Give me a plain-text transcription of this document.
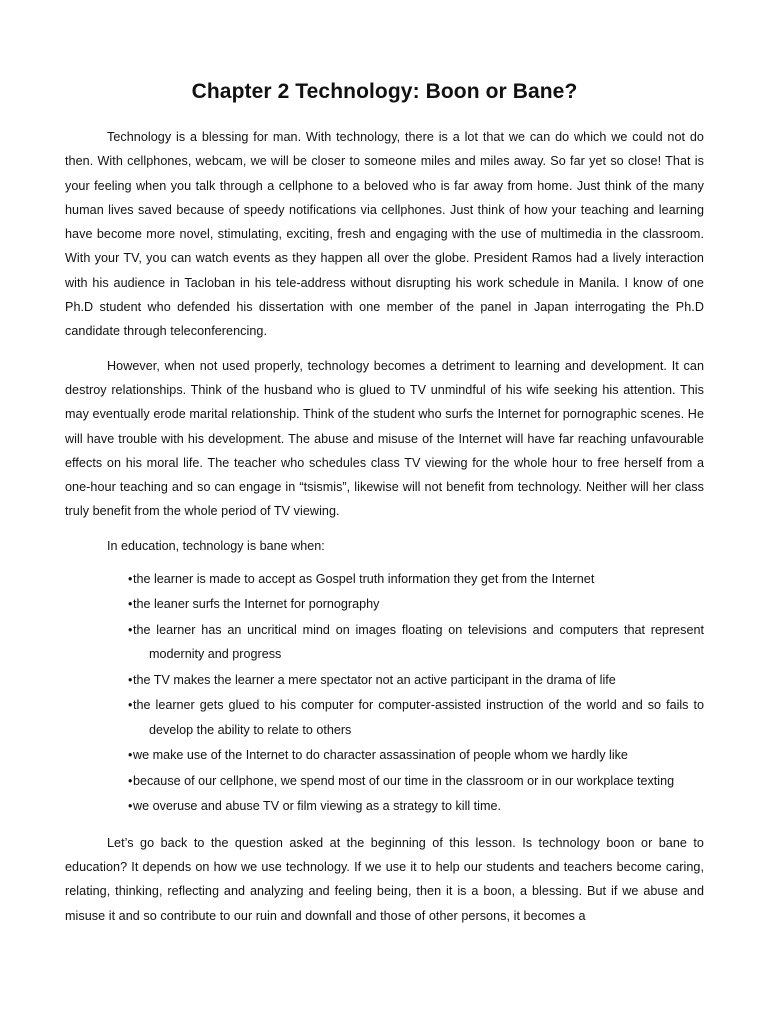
Chapter 2 Technology: Boon or Bane?

Technology is a blessing for man. With technology, there is a lot that we can do which we could not do then. With cellphones, webcam, we will be closer to someone miles and miles away. So far yet so close! That is your feeling when you talk through a cellphone to a beloved who is far away from home. Just think of the many human lives saved because of speedy notifications via cellphones. Just think of how your teaching and learning have become more novel, stimulating, exciting, fresh and engaging with the use of multimedia in the classroom. With your TV, you can watch events as they happen all over the globe. President Ramos had a lively interaction with his audience in Tacloban in his tele-address without disrupting his work schedule in Manila. I know of one Ph.D student who defended his dissertation with one member of the panel in Japan interrogating the Ph.D candidate through teleconferencing.

However, when not used properly, technology becomes a detriment to learning and development. It can destroy relationships. Think of the husband who is glued to TV unmindful of his wife seeking his attention. This may eventually erode marital relationship. Think of the student who surfs the Internet for pornographic scenes. He will have trouble with his development. The abuse and misuse of the Internet will have far reaching unfavourable effects on his moral life. The teacher who schedules class TV viewing for the whole hour to free herself from a one-hour teaching and so can engage in “tsismis”, likewise will not benefit from technology. Neither will her class truly benefit from the whole period of TV viewing.

In education, technology is bane when:

•the learner is made to accept as Gospel truth information they get from the Internet
•the leaner surfs the Internet for pornography
•the learner has an uncritical mind on images floating on televisions and computers that represent modernity and progress
•the TV makes the learner a mere spectator not an active participant in the drama of life
•the learner gets glued to his computer for computer-assisted instruction of the world and so fails to develop the ability to relate to others
•we make use of the Internet to do character assassination of people whom we hardly like
•because of our cellphone, we spend most of our time in the classroom or in our workplace texting
•we overuse and abuse TV or film viewing as a strategy to kill time.

Let’s go back to the question asked at the beginning of this lesson. Is technology boon or bane to education? It depends on how we use technology. If we use it to help our students and teachers become caring, relating, thinking, reflecting and analyzing and feeling being, then it is a boon, a blessing. But if we abuse and misuse it and so contribute to our ruin and downfall and those of other persons, it becomes a
